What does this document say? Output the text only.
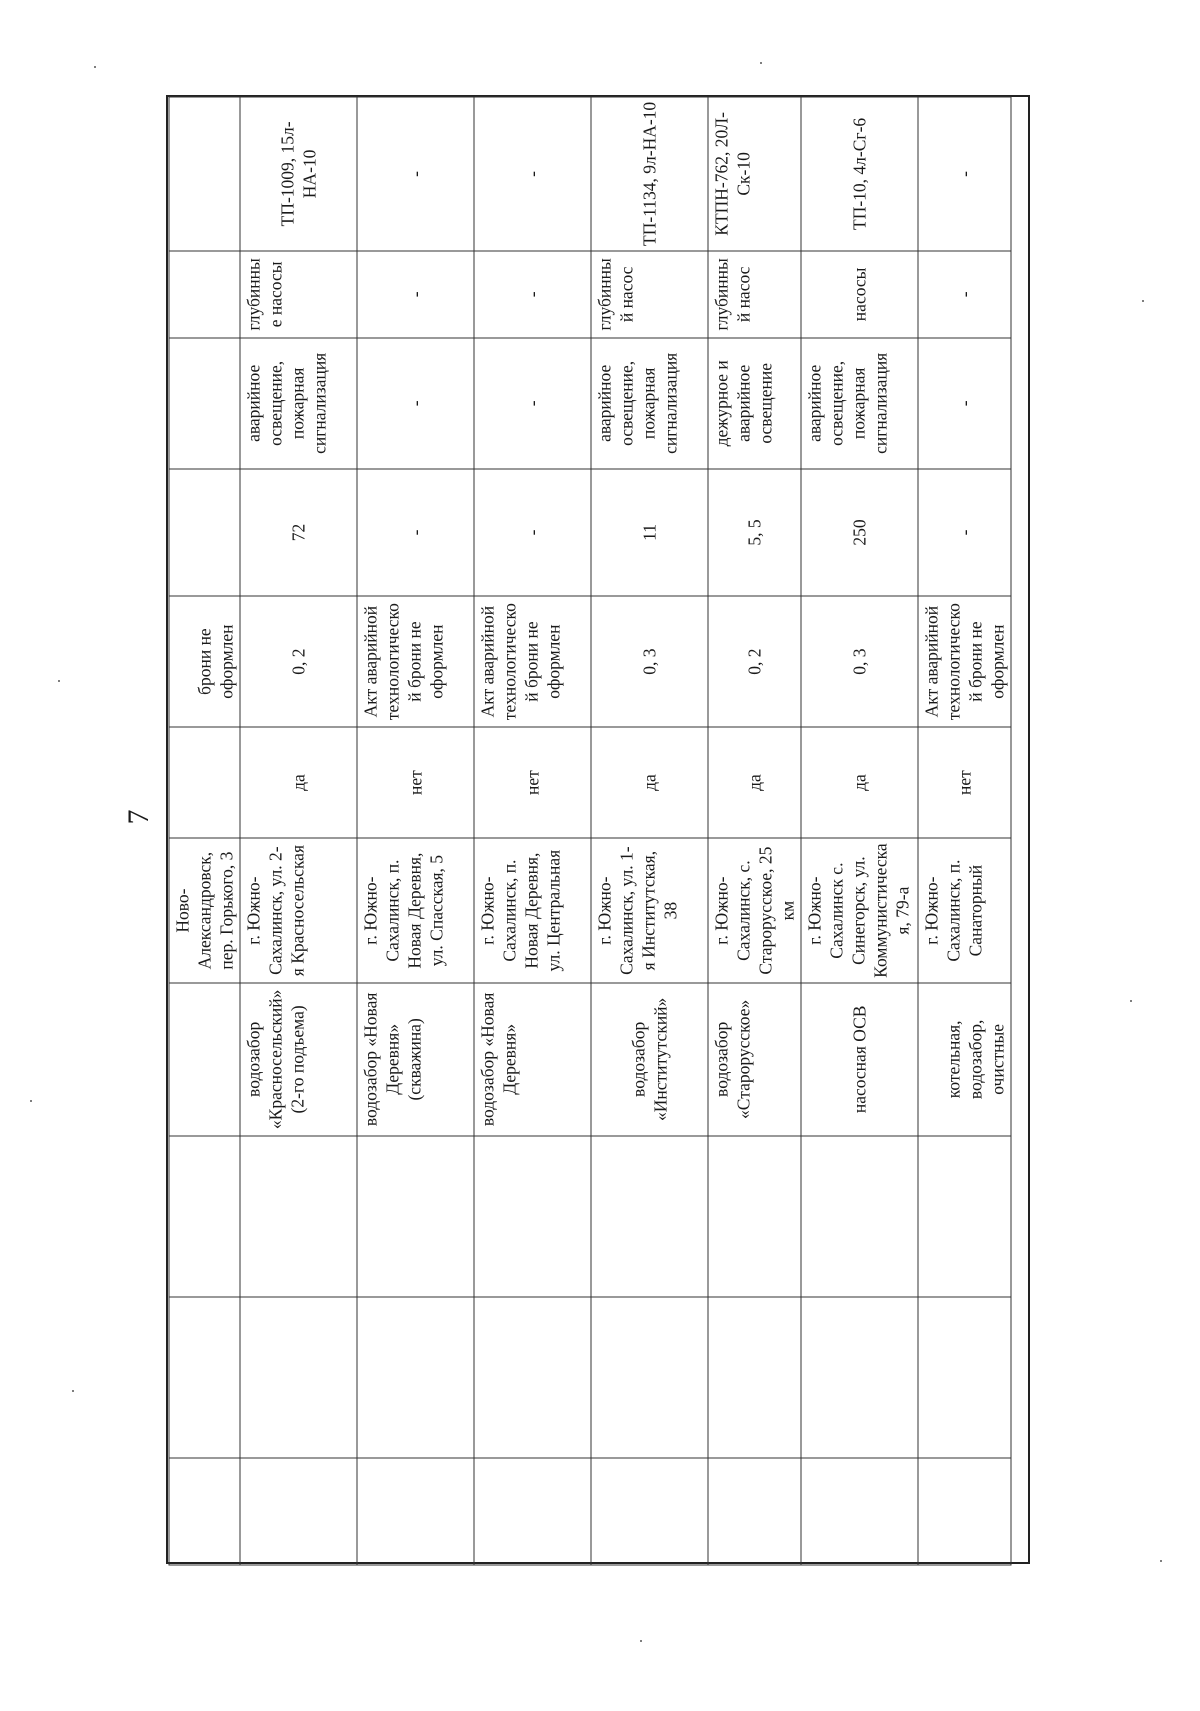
7
				Ново-Александровск, пер. Горького, 3		брони не оформлен				
			водозабор «Красносельский» (2-го подъема)	г. Южно-Сахалинск, ул. 2-я Красносельская	да	0, 2	72	аварийное освещение, пожарная сигнализация	глубинные насосы	ТП-1009, 15л-НА-10
			водозабор «Новая Деревня» (скважина)	г. Южно-Сахалинск, п. Новая Деревня, ул. Спасская, 5	нет	Акт аварийной технологической брони не оформлен	-	-	-	-
			водозабор «Новая Деревня»	г. Южно-Сахалинск, п. Новая Деревня, ул. Центральная	нет	Акт аварийной технологической брони не оформлен	-	-	-	-
			водозабор «Институтский»	г. Южно-Сахалинск, ул. 1-я Институтская, 38	да	0, 3	11	аварийное освещение, пожарная сигнализация	глубинный насос	ТП-1134, 9л-НА-10
			водозабор «Старорусское»	г. Южно-Сахалинск, с. Старорусское, 25 км	да	0, 2	5, 5	дежурное и аварийное освещение	глубинный насос	КТПН-762, 20Л-Ск-10
			насосная ОСВ	г. Южно-Сахалинск с. Синегорск, ул. Коммунистическая, 79-а	да	0, 3	250	аварийное освещение, пожарная сигнализация	насосы	ТП-10, 4л-Сг-6
			котельная, водозабор, очистные	г. Южно-Сахалинск, п. Санаторный	нет	Акт аварийной технологической брони не оформлен	-	-	-	-
